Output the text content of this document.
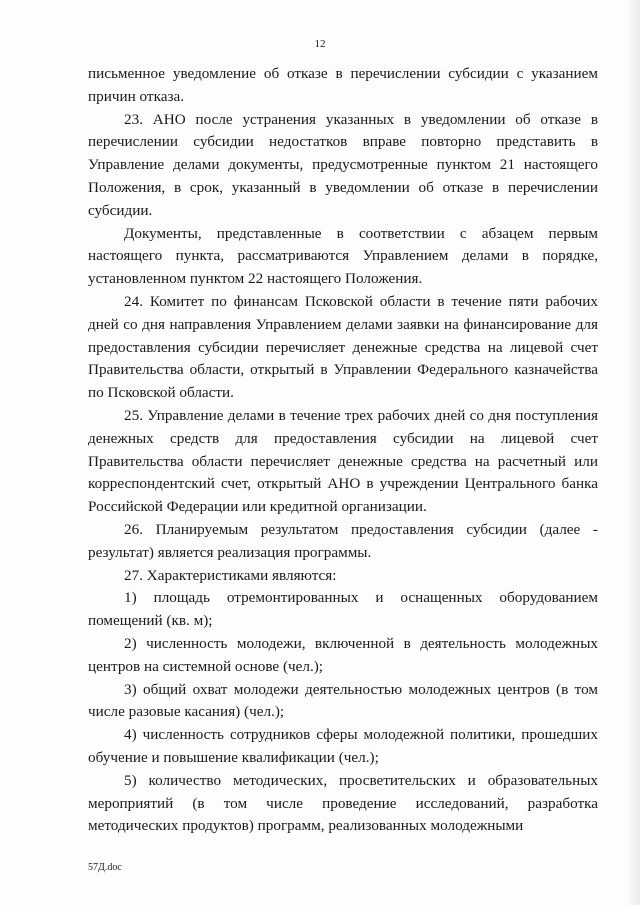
12

письменное уведомление об отказе в перечислении субсидии с указанием причин отказа.

23. АНО после устранения указанных в уведомлении об отказе в перечислении субсидии недостатков вправе повторно представить в Управление делами документы, предусмотренные пунктом 21 настоящего Положения, в срок, указанный в уведомлении об отказе в перечислении субсидии.

Документы, представленные в соответствии с абзацем первым настоящего пункта, рассматриваются Управлением делами в порядке, установленном пунктом 22 настоящего Положения.

24. Комитет по финансам Псковской области в течение пяти рабочих дней со дня направления Управлением делами заявки на финансирование для предоставления субсидии перечисляет денежные средства на лицевой счет Правительства области, открытый в Управлении Федерального казначейства по Псковской области.

25. Управление делами в течение трех рабочих дней со дня поступления денежных средств для предоставления субсидии на лицевой счет Правительства области перечисляет денежные средства на расчетный или корреспондентский счет, открытый АНО в учреждении Центрального банка Российской Федерации или кредитной организации.

26. Планируемым результатом предоставления субсидии (далее - результат) является реализация программы.

27. Характеристиками являются:

1) площадь отремонтированных и оснащенных оборудованием помещений (кв. м);

2) численность молодежи, включенной в деятельность молодежных центров на системной основе (чел.);

3) общий охват молодежи деятельностью молодежных центров (в том числе разовые касания) (чел.);

4) численность сотрудников сферы молодежной политики, прошедших обучение и повышение квалификации (чел.);

5) количество методических, просветительских и образовательных мероприятий (в том числе проведение исследований, разработка методических продуктов) программ, реализованных молодежными

57Д.doc
